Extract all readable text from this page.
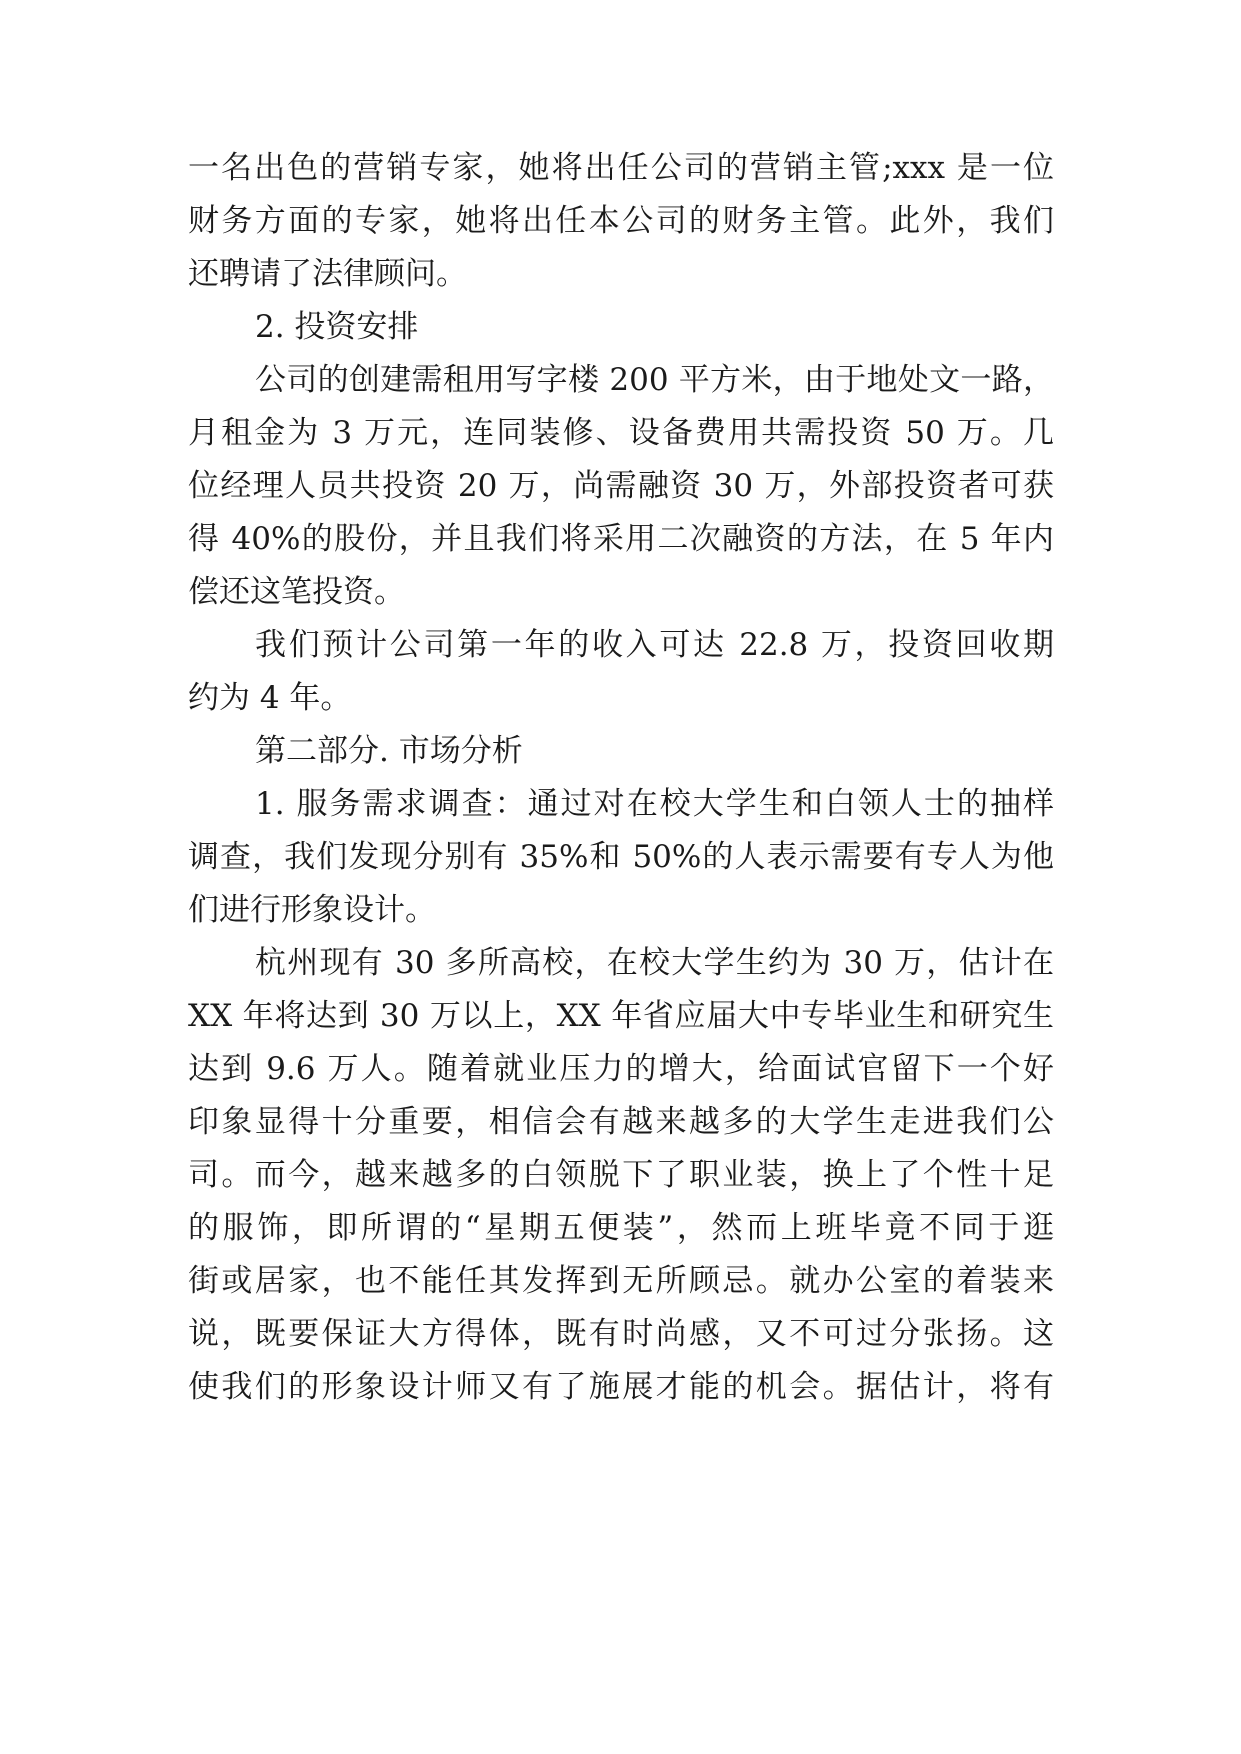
一名出色的营销专家，她将出任公司的营销主管;xxx 是一位
财务方面的专家，她将出任本公司的财务主管。此外，我们
还聘请了法律顾问。
2. 投资安排
公司的创建需租用写字楼 200 平方米，由于地处文一路，
月租金为 3 万元，连同装修、设备费用共需投资 50 万。几
位经理人员共投资 20 万，尚需融资 30 万，外部投资者可获
得 40%的股份，并且我们将采用二次融资的方法，在 5 年内
偿还这笔投资。
我们预计公司第一年的收入可达 22.8 万，投资回收期
约为 4 年。
第二部分. 市场分析
1. 服务需求调查：通过对在校大学生和白领人士的抽样
调查，我们发现分别有 35%和 50%的人表示需要有专人为他
们进行形象设计。
杭州现有 30 多所高校，在校大学生约为 30 万，估计在
XX 年将达到 30 万以上，XX 年省应届大中专毕业生和研究生
达到 9.6 万人。随着就业压力的增大，给面试官留下一个好
印象显得十分重要，相信会有越来越多的大学生走进我们公
司。而今，越来越多的白领脱下了职业装，换上了个性十足
的服饰，即所谓的“星期五便装”，然而上班毕竟不同于逛
街或居家，也不能任其发挥到无所顾忌。就办公室的着装来
说，既要保证大方得体，既有时尚感，又不可过分张扬。这
使我们的形象设计师又有了施展才能的机会。据估计，将有
